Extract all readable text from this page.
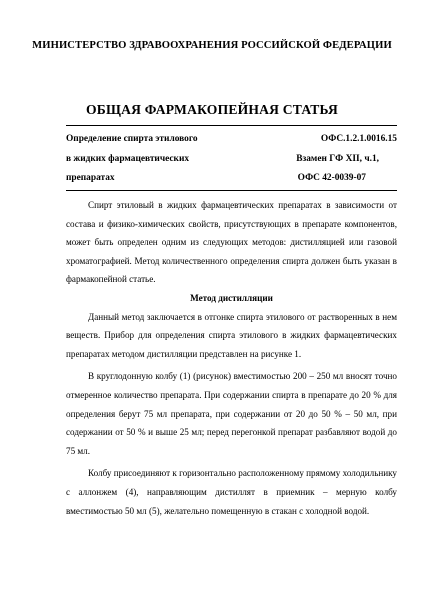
МИНИСТЕРСТВО ЗДРАВООХРАНЕНИЯ РОССИЙСКОЙ ФЕДЕРАЦИИ
ОБЩАЯ ФАРМАКОПЕЙНАЯ СТАТЬЯ
Определение спирта этилового
в жидких фармацевтических
препаратах
ОФС.1.2.1.0016.15
Взамен ГФ XII, ч.1,
ОФС 42-0039-07

Спирт этиловый в жидких фармацевтических препаратах в зависимости от состава и физико-химических свойств, присутствующих в препарате компонентов, может быть определен одним из следующих методов: дистилляцией или газовой хроматографией. Метод количественного определения спирта должен быть указан в фармакопейной статье.

Метод дистилляции

Данный метод заключается в отгонке спирта этилового от растворенных в нем веществ. Прибор для определения спирта этилового в жидких фармацевтических препаратах методом дистилляции представлен на рисунке 1.

В круглодонную колбу (1) (рисунок) вместимостью 200 – 250 мл вносят точно отмеренное количество препарата. При содержании спирта в препарате до 20 % для определения берут 75 мл препарата, при содержании от 20 до 50 % – 50 мл, при содержании от 50 % и выше 25 мл; перед перегонкой препарат разбавляют водой до 75 мл.

Колбу присоединяют к горизонтально расположенному прямому холодильнику с аллонжем (4), направляющим дистиллят в приемник – мерную колбу вместимостью 50 мл (5), желательно помещенную в стакан с холодной водой.
